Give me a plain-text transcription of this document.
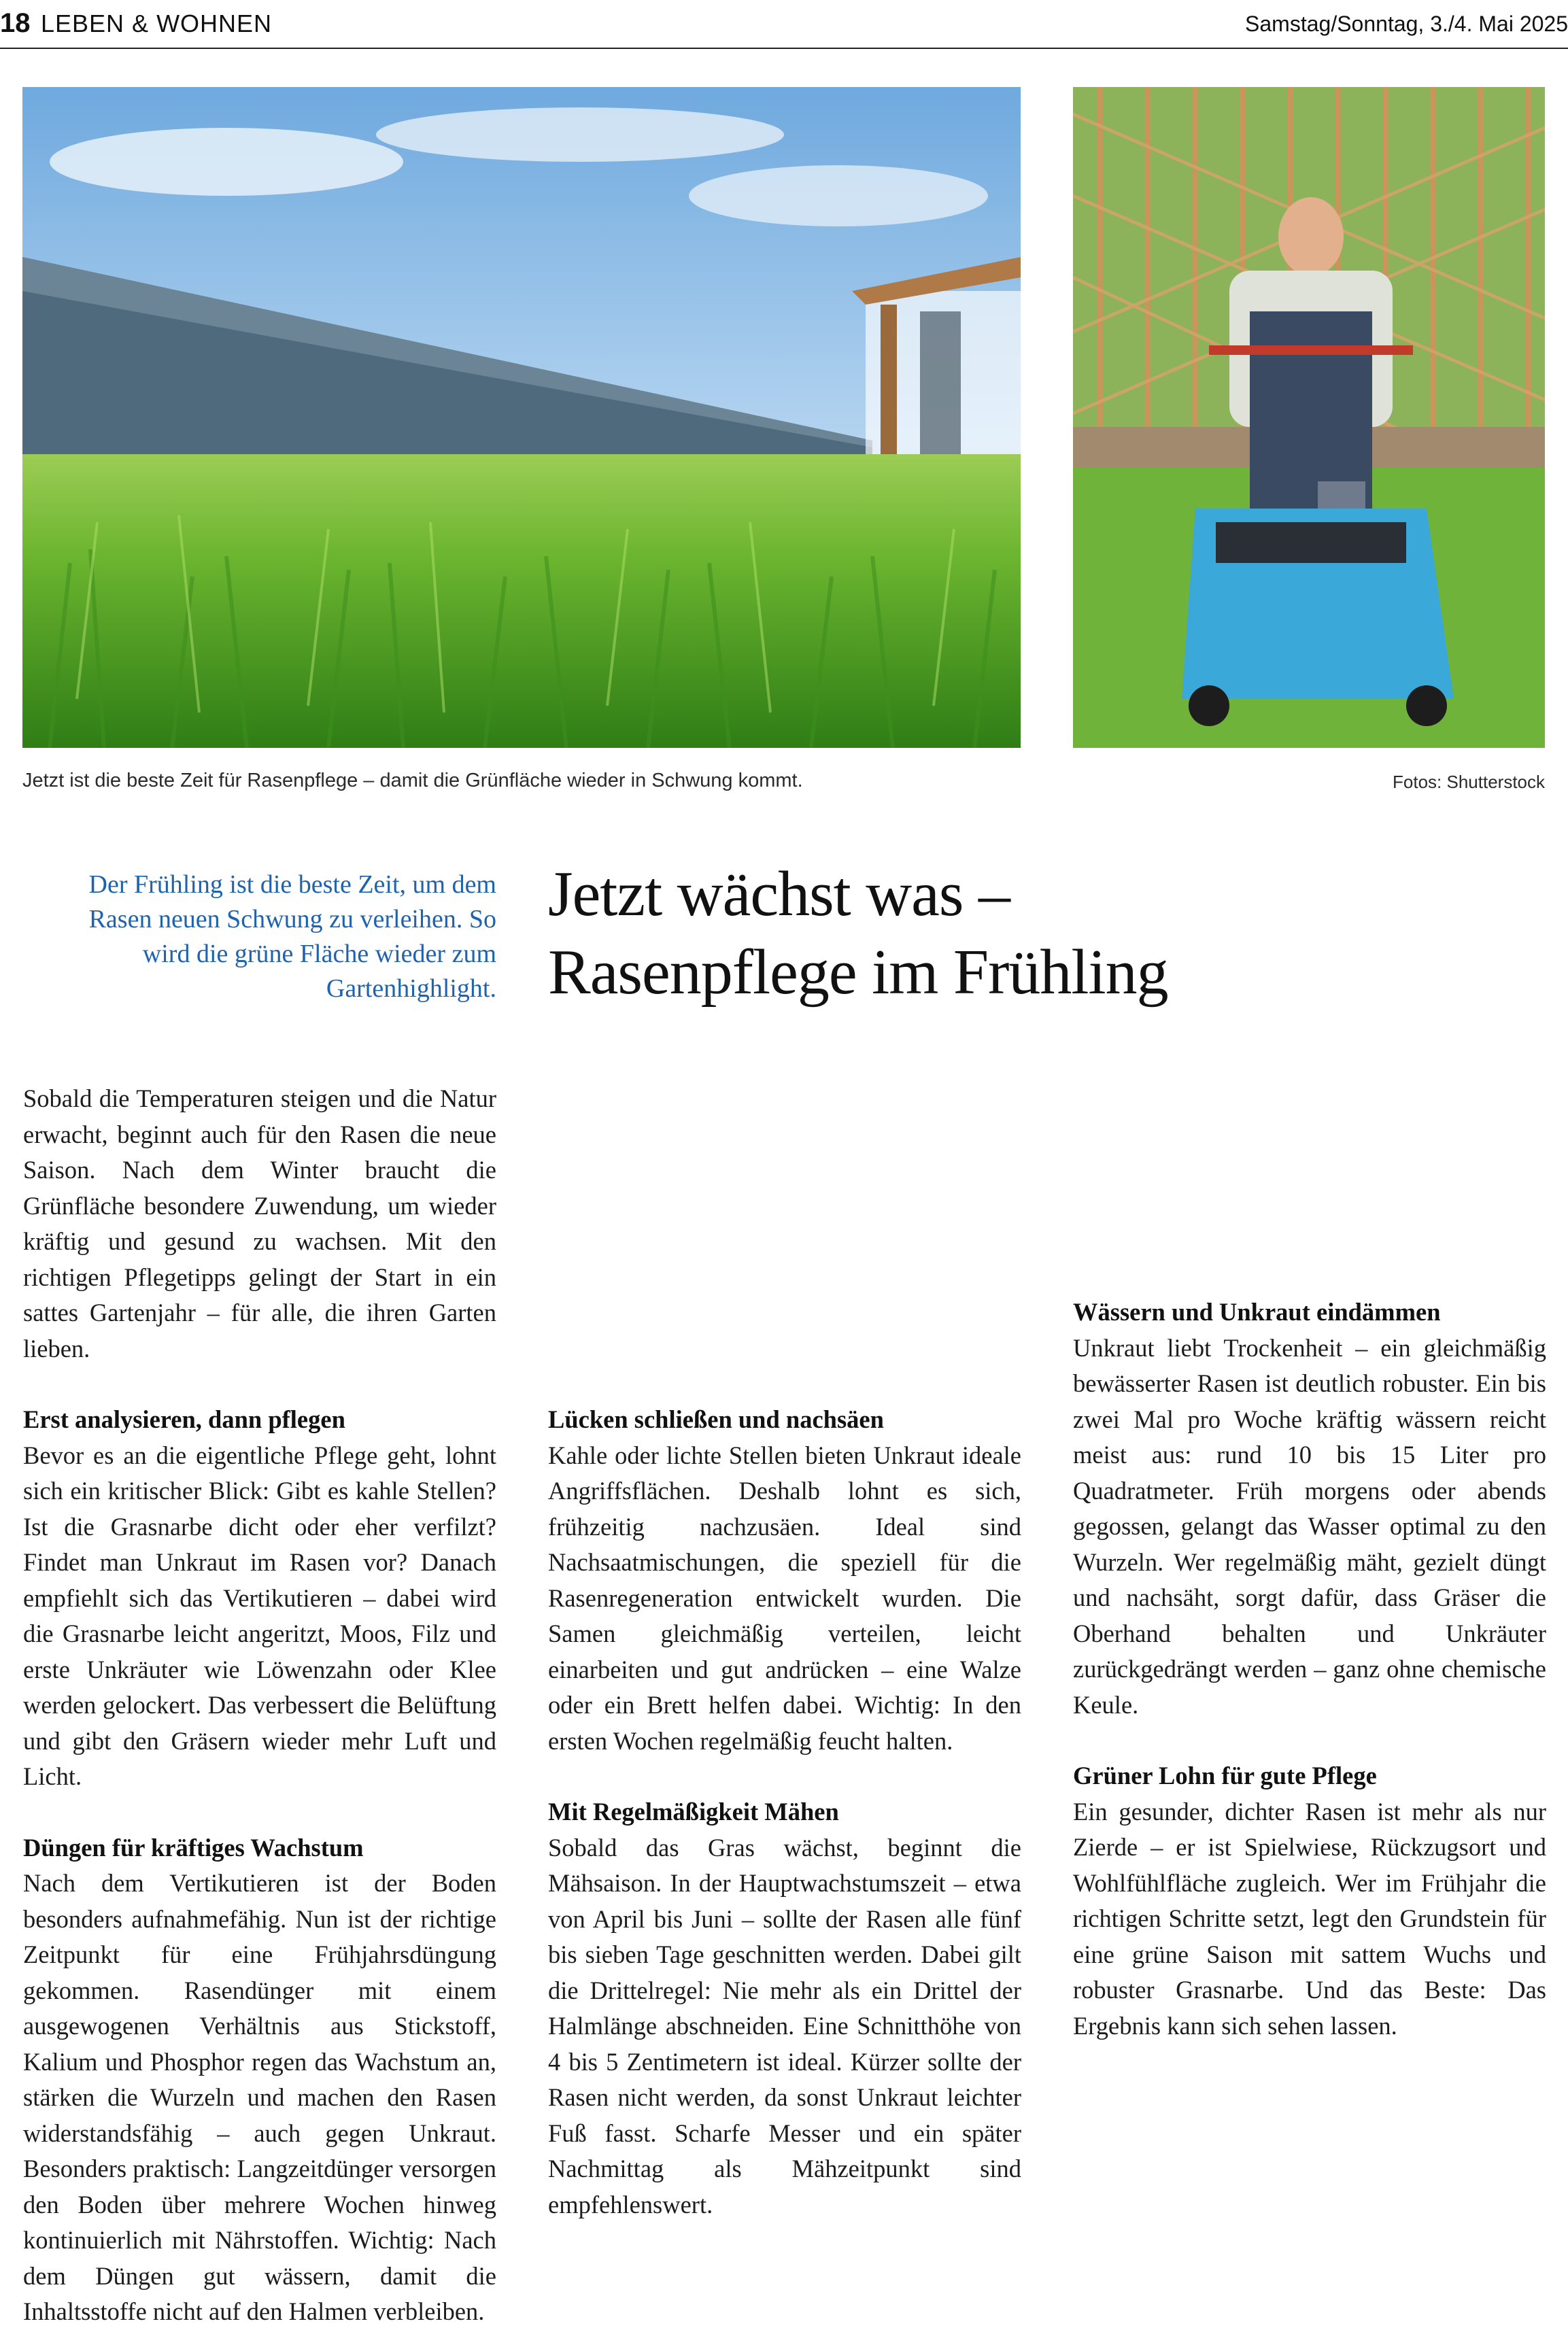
18 LEBEN & WOHNEN	Samstag/Sonntag, 3./4. Mai 2025
Jetzt ist die beste Zeit für Rasenpflege – damit die Grünfläche wieder in Schwung kommt.	Fotos: Shutterstock
Der Frühling ist die beste Zeit, um dem Rasen neuen Schwung zu verleihen. So wird die grüne Fläche wieder zum Gartenhighlight.
Jetzt wächst was –
Rasenpflege im Frühling

Sobald die Temperaturen steigen und die Natur erwacht, beginnt auch für den Rasen die neue Saison. Nach dem Winter braucht die Grünfläche besondere Zuwendung, um wieder kräftig und gesund zu wachsen. Mit den richtigen Pflegetipps gelingt der Start in ein sattes Gartenjahr – für alle, die ihren Garten lieben.

Erst analysieren, dann pflegen

Bevor es an die eigentliche Pflege geht, lohnt sich ein kritischer Blick: Gibt es kahle Stellen? Ist die Grasnarbe dicht oder eher verfilzt? Findet man Unkraut im Rasen vor? Danach empfiehlt sich das Vertikutieren – dabei wird die Grasnarbe leicht angeritzt, Moos, Filz und erste Unkräuter wie Löwenzahn oder Klee werden gelockert. Das verbessert die Belüftung und gibt den Gräsern wieder mehr Luft und Licht.

Düngen für kräftiges Wachstum

Nach dem Vertikutieren ist der Boden besonders aufnahmefähig. Nun ist der richtige Zeitpunkt für eine Frühjahrsdüngung gekommen. Rasendünger mit einem ausgewogenen Verhältnis aus Stickstoff, Kalium und Phosphor regen das Wachstum an, stärken die Wurzeln und machen den Rasen widerstandsfähig – auch gegen Unkraut. Besonders praktisch: Langzeitdünger versorgen den Boden über mehrere Wochen hinweg kontinuierlich mit Nährstoffen. Wichtig: Nach dem Düngen gut wässern, damit die Inhaltsstoffe nicht auf den Halmen verbleiben.

Lücken schließen und nachsäen

Kahle oder lichte Stellen bieten Unkraut ideale Angriffsflächen. Deshalb lohnt es sich, frühzeitig nachzusäen. Ideal sind Nachsaatmischungen, die speziell für die Rasenregeneration entwickelt wurden. Die Samen gleichmäßig verteilen, leicht einarbeiten und gut andrücken – eine Walze oder ein Brett helfen dabei. Wichtig: In den ersten Wochen regelmäßig feucht halten.

Mit Regelmäßigkeit Mähen

Sobald das Gras wächst, beginnt die Mähsaison. In der Hauptwachstumszeit – etwa von April bis Juni – sollte der Rasen alle fünf bis sieben Tage geschnitten werden. Dabei gilt die Drittelregel: Nie mehr als ein Drittel der Halmlänge abschneiden. Eine Schnitthöhe von 4 bis 5 Zentimetern ist ideal. Kürzer sollte der Rasen nicht werden, da sonst Unkraut leichter Fuß fasst. Scharfe Messer und ein später Nachmittag als Mähzeitpunkt sind empfehlenswert.

Wässern und Unkraut eindämmen

Unkraut liebt Trockenheit – ein gleichmäßig bewässerter Rasen ist deutlich robuster. Ein bis zwei Mal pro Woche kräftig wässern reicht meist aus: rund 10 bis 15 Liter pro Quadratmeter. Früh morgens oder abends gegossen, gelangt das Wasser optimal zu den Wurzeln. Wer regelmäßig mäht, gezielt düngt und nachsäht, sorgt dafür, dass Gräser die Oberhand behalten und Unkräuter zurückgedrängt werden – ganz ohne chemische Keule.

Grüner Lohn für gute Pflege

Ein gesunder, dichter Rasen ist mehr als nur Zierde – er ist Spielwiese, Rückzugsort und Wohlfühlfläche zugleich. Wer im Frühjahr die richtigen Schritte setzt, legt den Grundstein für eine grüne Saison mit sattem Wuchs und robuster Grasnarbe. Und das Beste: Das Ergebnis kann sich sehen lassen.
